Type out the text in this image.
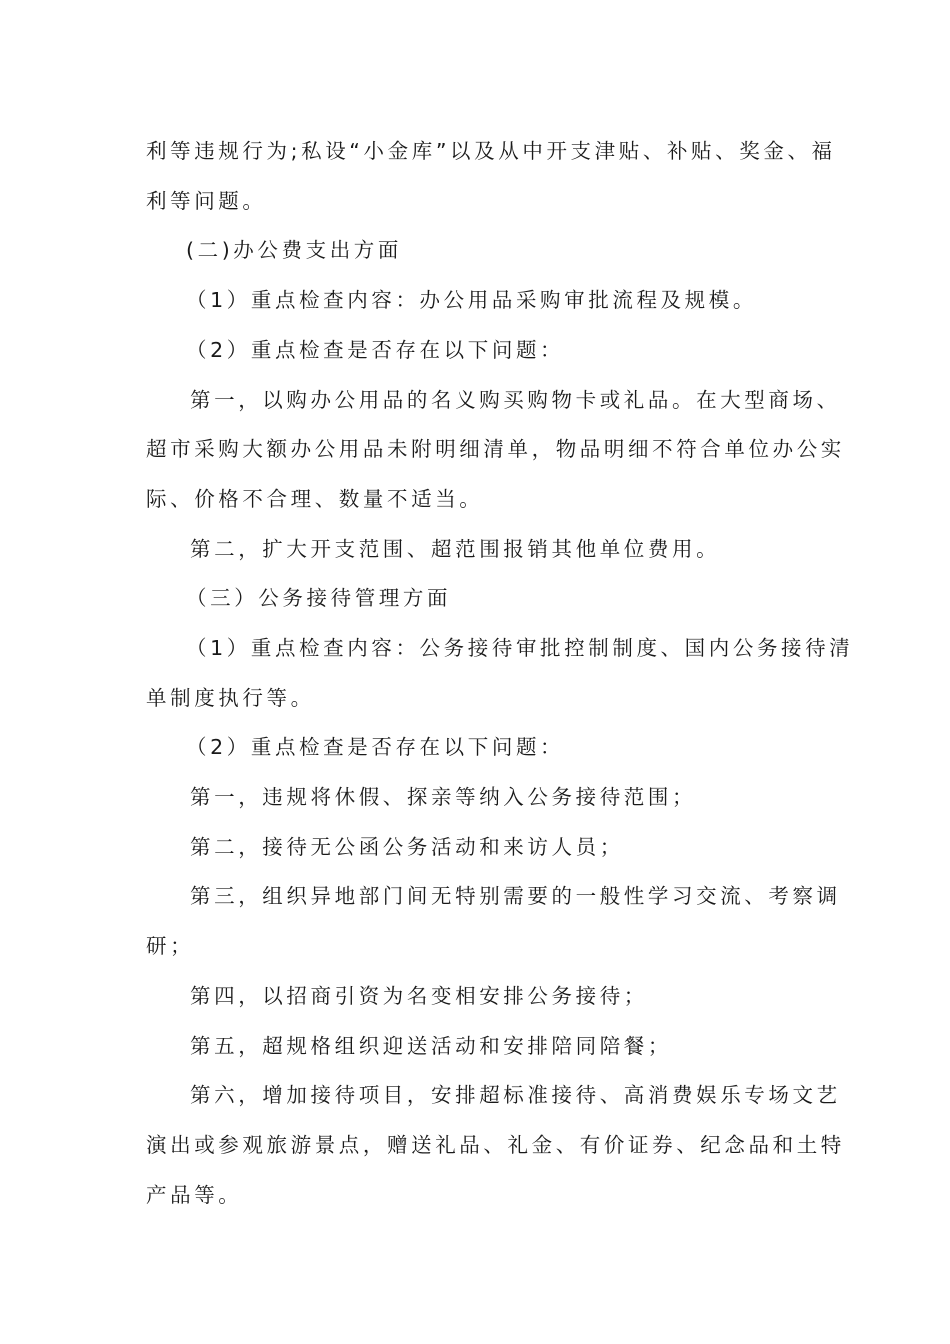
利等违规行为;私设“小金库”以及从中开支津贴、补贴、奖金、福
利等问题。
(二)办公费支出方面
（1）重点检查内容：办公用品采购审批流程及规模。
（2）重点检查是否存在以下问题：
第一，以购办公用品的名义购买购物卡或礼品。在大型商场、
超市采购大额办公用品未附明细清单，物品明细不符合单位办公实
际、价格不合理、数量不适当。
第二，扩大开支范围、超范围报销其他单位费用。
（三）公务接待管理方面
（1）重点检查内容：公务接待审批控制制度、国内公务接待清
单制度执行等。
（2）重点检查是否存在以下问题：
第一，违规将休假、探亲等纳入公务接待范围；
第二，接待无公函公务活动和来访人员；
第三，组织异地部门间无特别需要的一般性学习交流、考察调
研；
第四，以招商引资为名变相安排公务接待；
第五，超规格组织迎送活动和安排陪同陪餐；
第六，增加接待项目，安排超标准接待、高消费娱乐专场文艺
演出或参观旅游景点，赠送礼品、礼金、有价证券、纪念品和土特
产品等。
